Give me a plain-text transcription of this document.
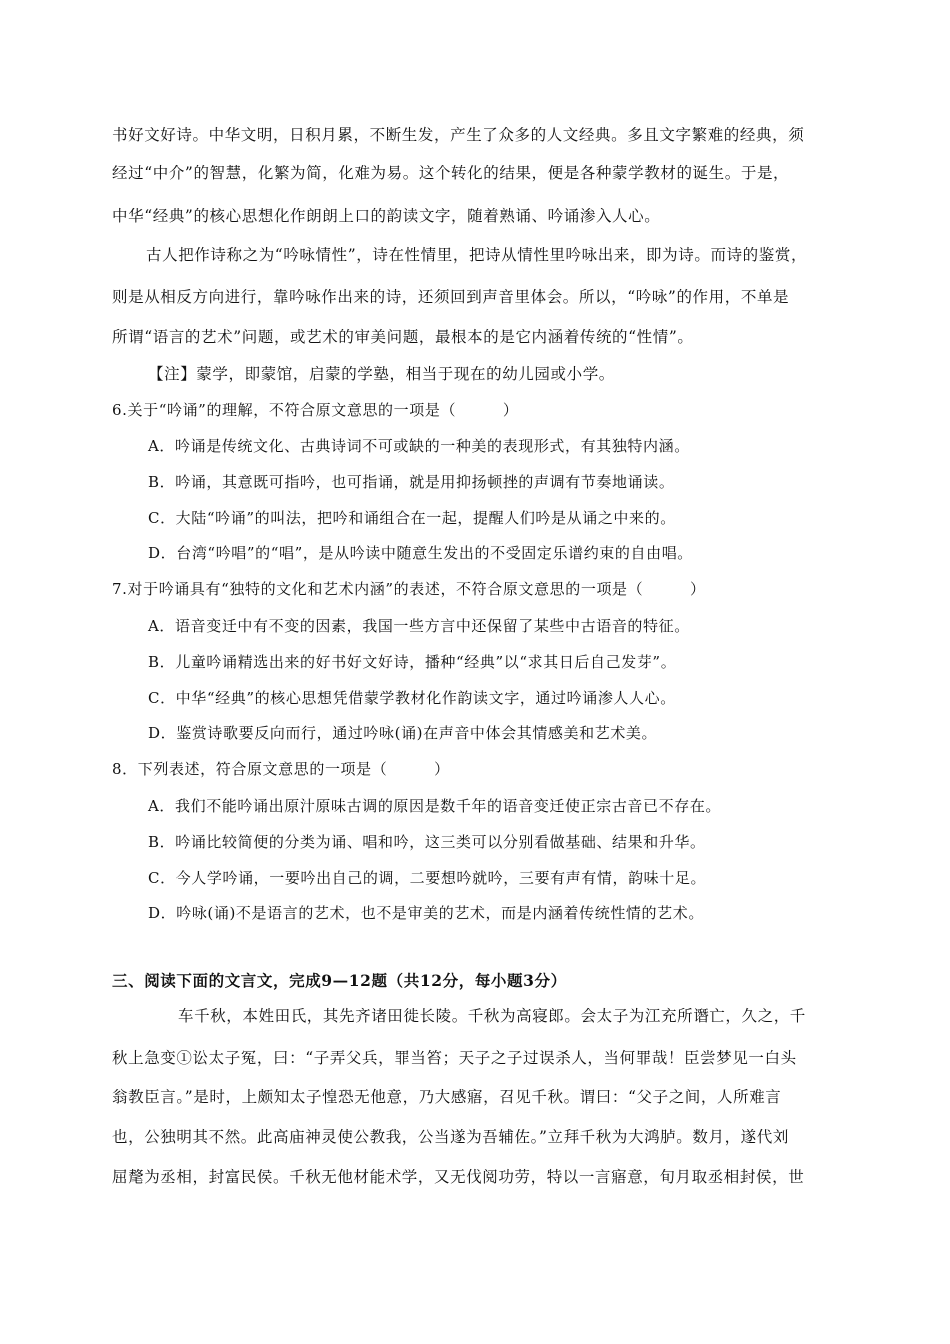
书好文好诗。中华文明，日积月累，不断生发，产生了众多的人文经典。多且文字繁难的经典，须
经过“中介”的智慧，化繁为简，化难为易。这个转化的结果，便是各种蒙学教材的诞生。于是，
中华“经典”的核心思想化作朗朗上口的韵读文字，随着熟诵、吟诵渗入人心。
古人把作诗称之为“吟咏情性”，诗在性情里，把诗从情性里吟咏出来，即为诗。而诗的鉴赏，
则是从相反方向进行，靠吟咏作出来的诗，还须回到声音里体会。所以，“吟咏”的作用，不单是
所谓“语言的艺术”问题，或艺术的审美问题，最根本的是它内涵着传统的“性情”。
【注】蒙学，即蒙馆，启蒙的学塾，相当于现在的幼儿园或小学。
6.关于“吟诵”的理解，不符合原文意思的一项是（　　　）
A．吟诵是传统文化、古典诗词不可或缺的一种美的表现形式，有其独特内涵。
B．吟诵，其意既可指吟，也可指诵，就是用抑扬顿挫的声调有节奏地诵读。
C．大陆“吟诵”的叫法，把吟和诵组合在一起，提醒人们吟是从诵之中来的。
D．台湾“吟唱”的“唱”，是从吟读中随意生发出的不受固定乐谱约束的自由唱。
7.对于吟诵具有“独特的文化和艺术内涵”的表述，不符合原文意思的一项是（　　　）
A．语音变迁中有不变的因素，我国一些方言中还保留了某些中古语音的特征。
B．儿童吟诵精选出来的好书好文好诗，播种“经典”以“求其日后自己发芽”。
C．中华“经典”的核心思想凭借蒙学教材化作韵读文字，通过吟诵渗人人心。
D．鉴赏诗歌要反向而行，通过吟咏(诵)在声音中体会其情感美和艺术美。
8．下列表述，符合原文意思的一项是（　　　）
A．我们不能吟诵出原汁原味古调的原因是数千年的语音变迁使正宗古音已不存在。
B．吟诵比较简便的分类为诵、唱和吟，这三类可以分别看做基础、结果和升华。
C．今人学吟诵，一要吟出自己的调，二要想吟就吟，三要有声有情，韵味十足。
D．吟咏(诵)不是语言的艺术，也不是审美的艺术，而是内涵着传统性情的艺术。
三、阅读下面的文言文，完成9—12题（共12分，每小题3分）
车千秋，本姓田氏，其先齐诸田徙长陵。千秋为高寝郎。会太子为江充所谮亡，久之，千
秋上急变①讼太子冤，曰：“子弄父兵，罪当笞；天子之子过误杀人，当何罪哉！臣尝梦见一白头
翁教臣言。”是时，上颇知太子惶恐无他意，乃大感寤，召见千秋。谓曰：“父子之间，人所难言
也，公独明其不然。此高庙神灵使公教我，公当遂为吾辅佐。”立拜千秋为大鸿胪。数月，遂代刘
屈氂为丞相，封富民侯。千秋无他材能术学，又无伐阅功劳，特以一言寤意，旬月取丞相封侯，世
